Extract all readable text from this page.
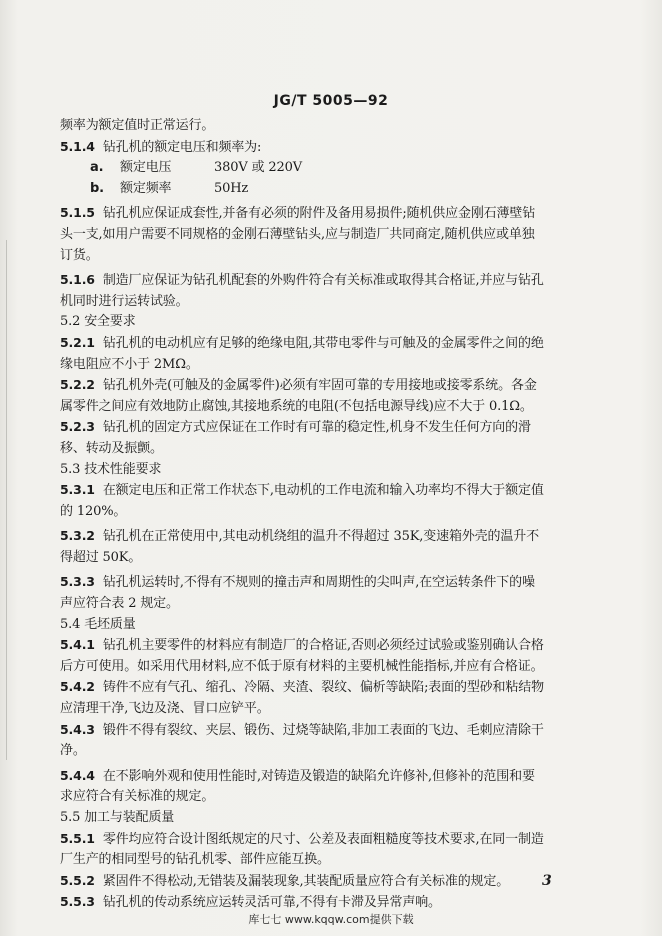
JG/T 5005—92
频率为额定值时正常运行。
5.1.4 钻孔机的额定电压和频率为:
a. 额定电压	380V 或 220V
b. 额定频率	50Hz
5.1.5 钻孔机应保证成套性,并备有必须的附件及备用易损件;随机供应金刚石薄壁钻
头一支,如用户需要不同规格的金刚石薄壁钻头,应与制造厂共同商定,随机供应或单独
订货。
5.1.6 制造厂应保证为钻孔机配套的外购件符合有关标准或取得其合格证,并应与钻孔
机同时进行运转试验。
5.2 安全要求
5.2.1 钻孔机的电动机应有足够的绝缘电阻,其带电零件与可触及的金属零件之间的绝
缘电阻应不小于 2MΩ。
5.2.2 钻孔机外壳(可触及的金属零件)必须有牢固可靠的专用接地或接零系统。各金
属零件之间应有效地防止腐蚀,其接地系统的电阻(不包括电源导线)应不大于 0.1Ω。
5.2.3 钻孔机的固定方式应保证在工作时有可靠的稳定性,机身不发生任何方向的滑
移、转动及振颤。
5.3 技术性能要求
5.3.1 在额定电压和正常工作状态下,电动机的工作电流和输入功率均不得大于额定值
的 120%。
5.3.2 钻孔机在正常使用中,其电动机绕组的温升不得超过 35K,变速箱外壳的温升不
得超过 50K。
5.3.3 钻孔机运转时,不得有不规则的撞击声和周期性的尖叫声,在空运转条件下的噪
声应符合表 2 规定。
5.4 毛坯质量
5.4.1 钻孔机主要零件的材料应有制造厂的合格证,否则必须经过试验或鉴别确认合格
后方可使用。如采用代用材料,应不低于原有材料的主要机械性能指标,并应有合格证。
5.4.2 铸件不应有气孔、缩孔、冷隔、夹渣、裂纹、偏析等缺陷;表面的型砂和粘结物
应清理干净,飞边及浇、冒口应铲平。
5.4.3 锻件不得有裂纹、夹层、锻伤、过烧等缺陷,非加工表面的飞边、毛刺应清除干
净。
5.4.4 在不影响外观和使用性能时,对铸造及锻造的缺陷允许修补,但修补的范围和要
求应符合有关标准的规定。
5.5 加工与装配质量
5.5.1 零件均应符合设计图纸规定的尺寸、公差及表面粗糙度等技术要求,在同一制造
厂生产的相同型号的钻孔机零、部件应能互换。
5.5.2 紧固件不得松动,无错装及漏装现象,其装配质量应符合有关标准的规定。
5.5.3 钻孔机的传动系统应运转灵活可靠,不得有卡滞及异常声响。
3
库七七 www.kqqw.com提供下载
